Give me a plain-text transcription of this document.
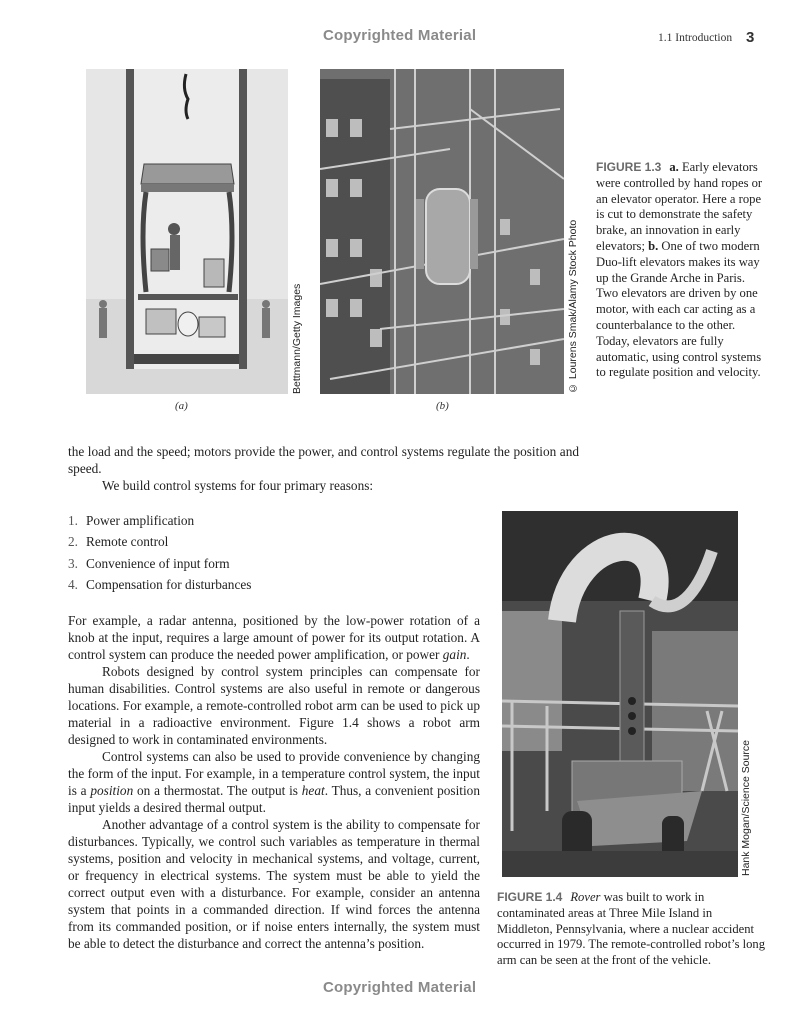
Copyrighted Material	1.1 Introduction 3
Bettmann/Getty Images
(a)
© Lourens Smak/Alamy Stock Photo
(b)
FIGURE 1.3 a. Early elevators were controlled by hand ropes or an elevator operator. Here a rope is cut to demonstrate the safety brake, an innovation in early elevators; b. One of two modern Duo-lift elevators makes its way up the Grande Arche in Paris. Two elevators are driven by one motor, with each car acting as a counterbalance to the other. Today, elevators are fully automatic, using control systems to regulate position and velocity.

the load and the speed; motors provide the power, and control systems regulate the position and speed.

We build control systems for four primary reasons:

1. Power amplification
2. Remote control
3. Convenience of input form
4. Compensation for disturbances

For example, a radar antenna, positioned by the low-power rotation of a knob at the input, requires a large amount of power for its output rotation. A control system can produce the needed power amplification, or power gain.

Robots designed by control system principles can compensate for human disabilities. Control systems are also useful in remote or dangerous locations. For example, a remote-controlled robot arm can be used to pick up material in a radioactive environment. Figure 1.4 shows a robot arm designed to work in contaminated environments.

Control systems can also be used to provide convenience by changing the form of the input. For example, in a temperature control system, the input is a position on a thermostat. The output is heat. Thus, a convenient position input yields a desired thermal output.

Another advantage of a control system is the ability to compensate for disturbances. Typically, we control such variables as temperature in thermal systems, position and velocity in mechanical systems, and voltage, current, or frequency in electrical systems. The system must be able to yield the correct output even with a disturbance. For example, consider an antenna system that points in a commanded direction. If wind forces the antenna from its commanded position, or if noise enters internally, the system must be able to detect the disturbance and correct the antenna’s position.

Hank Mogan/Science Source
FIGURE 1.4 Rover was built to work in contaminated areas at Three Mile Island in Middleton, Pennsylvania, where a nuclear accident occurred in 1979. The remote-controlled robot’s long arm can be seen at the front of the vehicle.
Copyrighted Material
